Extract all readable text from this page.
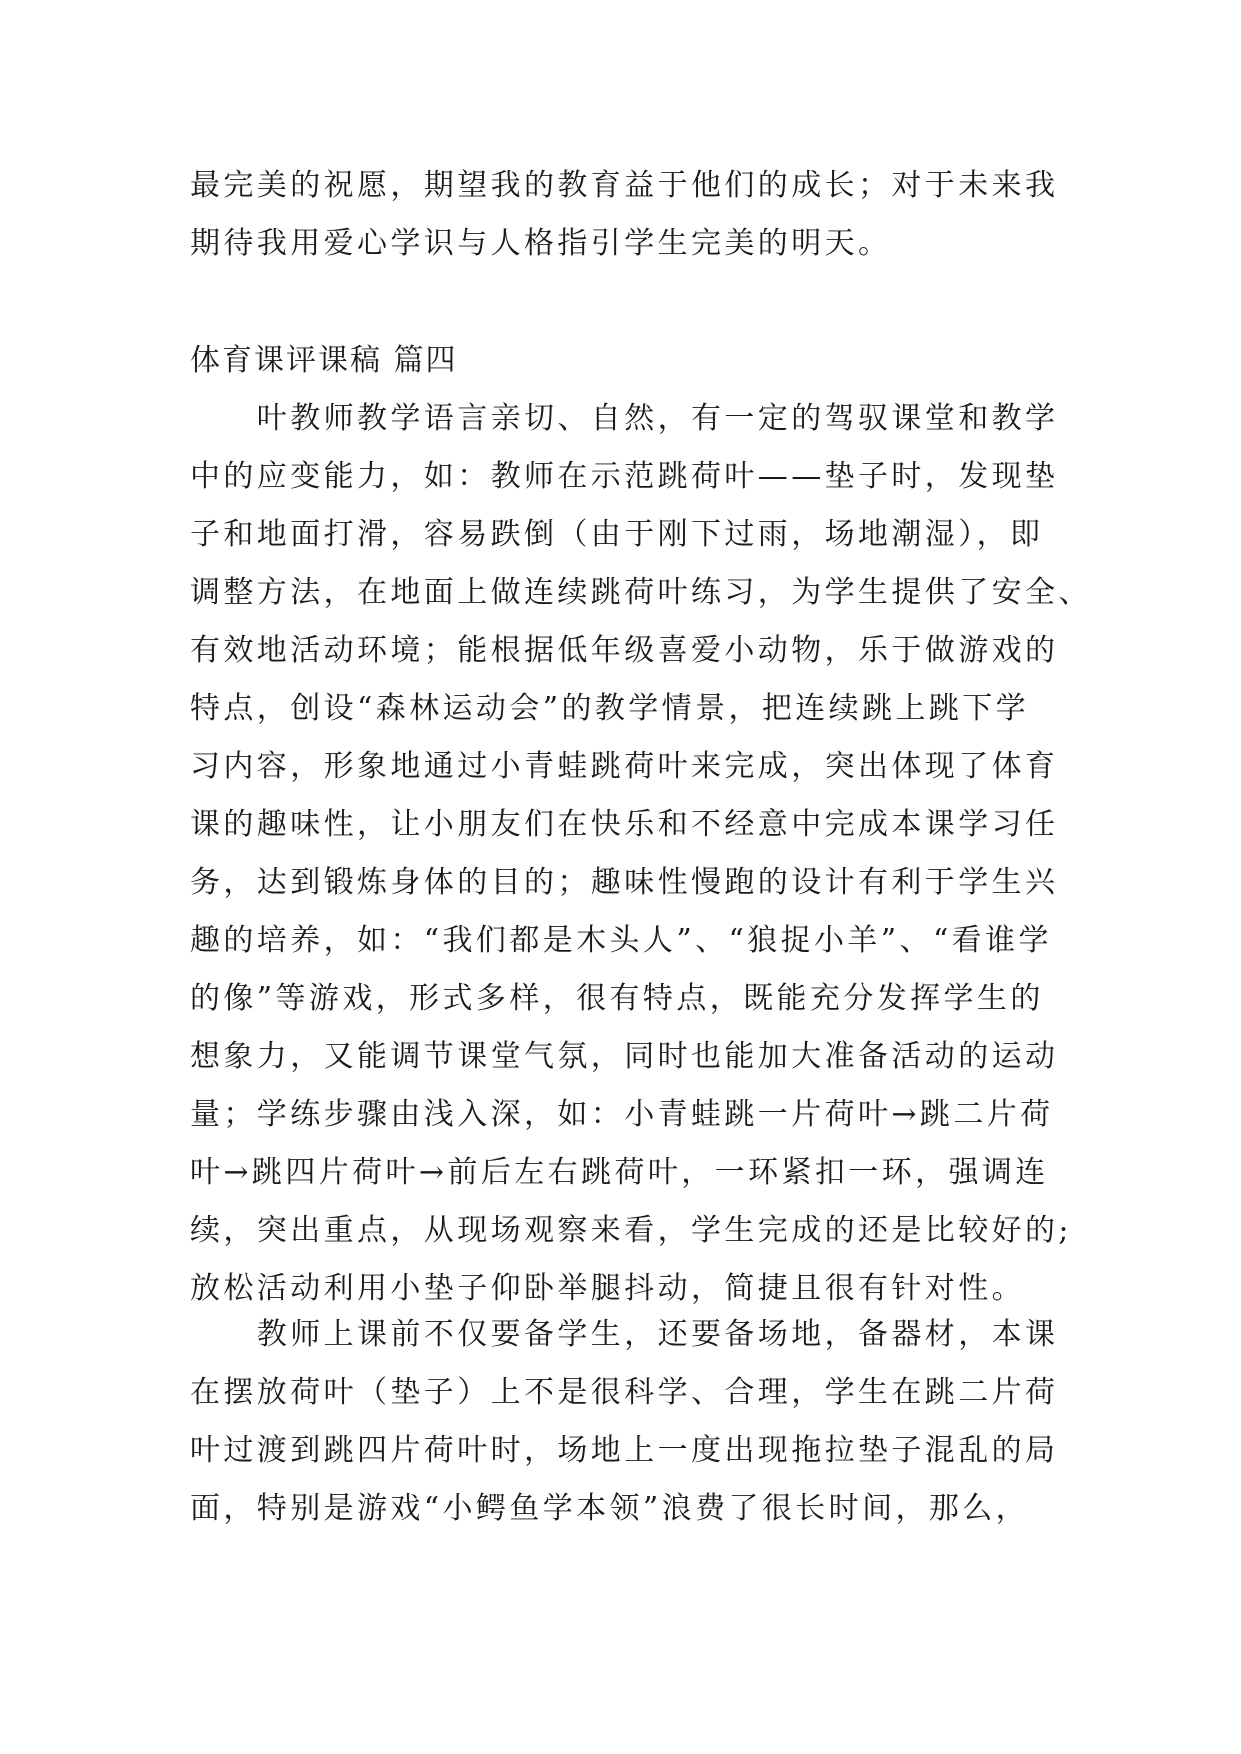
最完美的祝愿，期望我的教育益于他们的成长；对于未来我
期待我用爱心学识与人格指引学生完美的明天。
体育课评课稿 篇四
　　叶教师教学语言亲切、自然，有一定的驾驭课堂和教学
中的应变能力，如：教师在示范跳荷叶——垫子时，发现垫
子和地面打滑，容易跌倒（由于刚下过雨，场地潮湿），即
调整方法，在地面上做连续跳荷叶练习，为学生提供了安全、
有效地活动环境；能根据低年级喜爱小动物，乐于做游戏的
特点，创设“森林运动会”的教学情景，把连续跳上跳下学
习内容，形象地通过小青蛙跳荷叶来完成，突出体现了体育
课的趣味性，让小朋友们在快乐和不经意中完成本课学习任
务，达到锻炼身体的目的；趣味性慢跑的设计有利于学生兴
趣的培养，如：“我们都是木头人”、“狼捉小羊”、“看谁学
的像”等游戏，形式多样，很有特点，既能充分发挥学生的
想象力，又能调节课堂气氛，同时也能加大准备活动的运动
量；学练步骤由浅入深，如：小青蛙跳一片荷叶→跳二片荷
叶→跳四片荷叶→前后左右跳荷叶，一环紧扣一环，强调连
续，突出重点，从现场观察来看，学生完成的还是比较好的;
放松活动利用小垫子仰卧举腿抖动，简捷且很有针对性。
　　教师上课前不仅要备学生，还要备场地，备器材，本课
在摆放荷叶（垫子）上不是很科学、合理，学生在跳二片荷
叶过渡到跳四片荷叶时，场地上一度出现拖拉垫子混乱的局
面，特别是游戏“小鳄鱼学本领”浪费了很长时间，那么，
